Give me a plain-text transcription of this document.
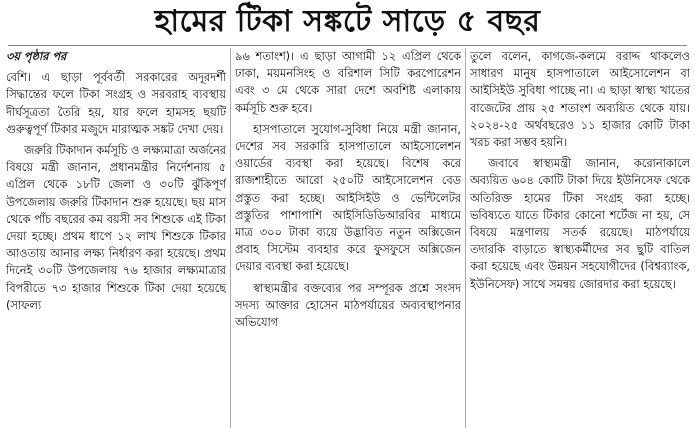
হামের টিকা সঙ্কটে সাড়ে ৫ বছর

৩য় পৃষ্ঠার পর

বেশি। এ ছাড়া পূর্ববর্তী সরকারের অদূরদর্শী সিদ্ধান্তের ফলে টিকা সংগ্রহ ও সরবরাহ ব্যবস্থায় দীর্ঘসূত্রতা তৈরি হয়, যার ফলে হামসহ ছয়টি গুরুত্বপূর্ণ টিকার মজুদে মারাত্মক সঙ্কট দেখা দেয়।

জরুরি টিকাদান কর্মসূচি ও লক্ষ্যমাত্রা অর্জনের বিষয়ে মন্ত্রী জানান, প্রধানমন্ত্রীর নির্দেশনায় ৫ এপ্রিল থেকে ১৮টি জেলা ও ৩০টি ঝুঁকিপূর্ণ উপজেলায় জরুরি টিকাদান শুরু হয়েছে। ছয় মাস থেকে পাঁচ বছরের কম বয়সী সব শিশুকে এই টিকা দেয়া হচ্ছে। প্রথম ধাপে ১২ লাখ শিশুকে টিকার আওতায় আনার লক্ষ্য নির্ধারণ করা হয়েছে। প্রথম দিনেই ৩০টি উপজেলায় ৭৬ হাজার লক্ষ্যমাত্রার বিপরীতে ৭৩ হাজার শিশুকে টিকা দেয়া হয়েছে (সাফল্য

৯৬ শতাংশ)। এ ছাড়া আগামী ১২ এপ্রিল থেকে ঢাকা, ময়মনসিংহ ও বরিশাল সিটি করপোরেশন এবং ৩ মে থেকে সারা দেশে অবশিষ্ট এলাকায় কর্মসূচি শুরু হবে।

হাসপাতালে সুযোগ-সুবিধা নিয়ে মন্ত্রী জানান, দেশের সব সরকারি হাসপাতালে আইসোলেশন ওয়ার্ডের ব্যবস্থা করা হয়েছে। বিশেষ করে রাজশাহীতে আরো ২৫০টি আইসোলেশন বেড প্রস্তুত করা হচ্ছে। আইসিইউ ও ভেন্টিলেটর প্রস্তুতির পাশাপাশি আইসিডিডিআরবির মাধ্যমে মাত্র ৩০০ টাকা ব্যয়ে উদ্ভাবিত নতুন অক্সিজেন প্রবাহ সিস্টেম ব্যবহার করে ফুসফুসে অক্সিজেন দেয়ার ব্যবস্থা করা হয়েছে।

স্বাস্থ্যমন্ত্রীর বক্তব্যের পর সম্পূরক প্রশ্নে সংসদ সদস্য আক্তার হোসেন মাঠপর্যায়ের অব্যবস্থাপনার অভিযোগ

তুলে বলেন, কাগজে-কলমে বরাদ্দ থাকলেও সাধারণ মানুষ হাসপাতালে আইসোলেশন বা আইসিইউ সুবিধা পাচ্ছে না। এ ছাড়া স্বাস্থ্য খাতের বাজেটের প্রায় ২৫ শতাংশ অব্যয়িত থেকে যায়। ২০২৪-২৫ অর্থবছরেও ১১ হাজার কোটি টাকা খরচ করা সম্ভব হয়নি।

জবাবে স্বাস্থ্যমন্ত্রী জানান, করোনাকালে অব্যয়িত ৬০৪ কোটি টাকা দিয়ে ইউনিসেফ থেকে অতিরিক্ত হামের টিকা সংগ্রহ করা হচ্ছে। ভবিষ্যতে যাতে টিকার কোনো শর্টেজ না হয়, সে বিষয়ে মন্ত্রণালয় সতর্ক রয়েছে। মাঠপর্যায়ে তদারকি বাড়াতে স্বাস্থ্যকর্মীদের সব ছুটি বাতিল করা হয়েছে এবং উন্নয়ন সহযোগীদের (বিশ্বব্যাংক, ইউনিসেফ) সাথে সমন্বয় জোরদার করা হয়েছে।
